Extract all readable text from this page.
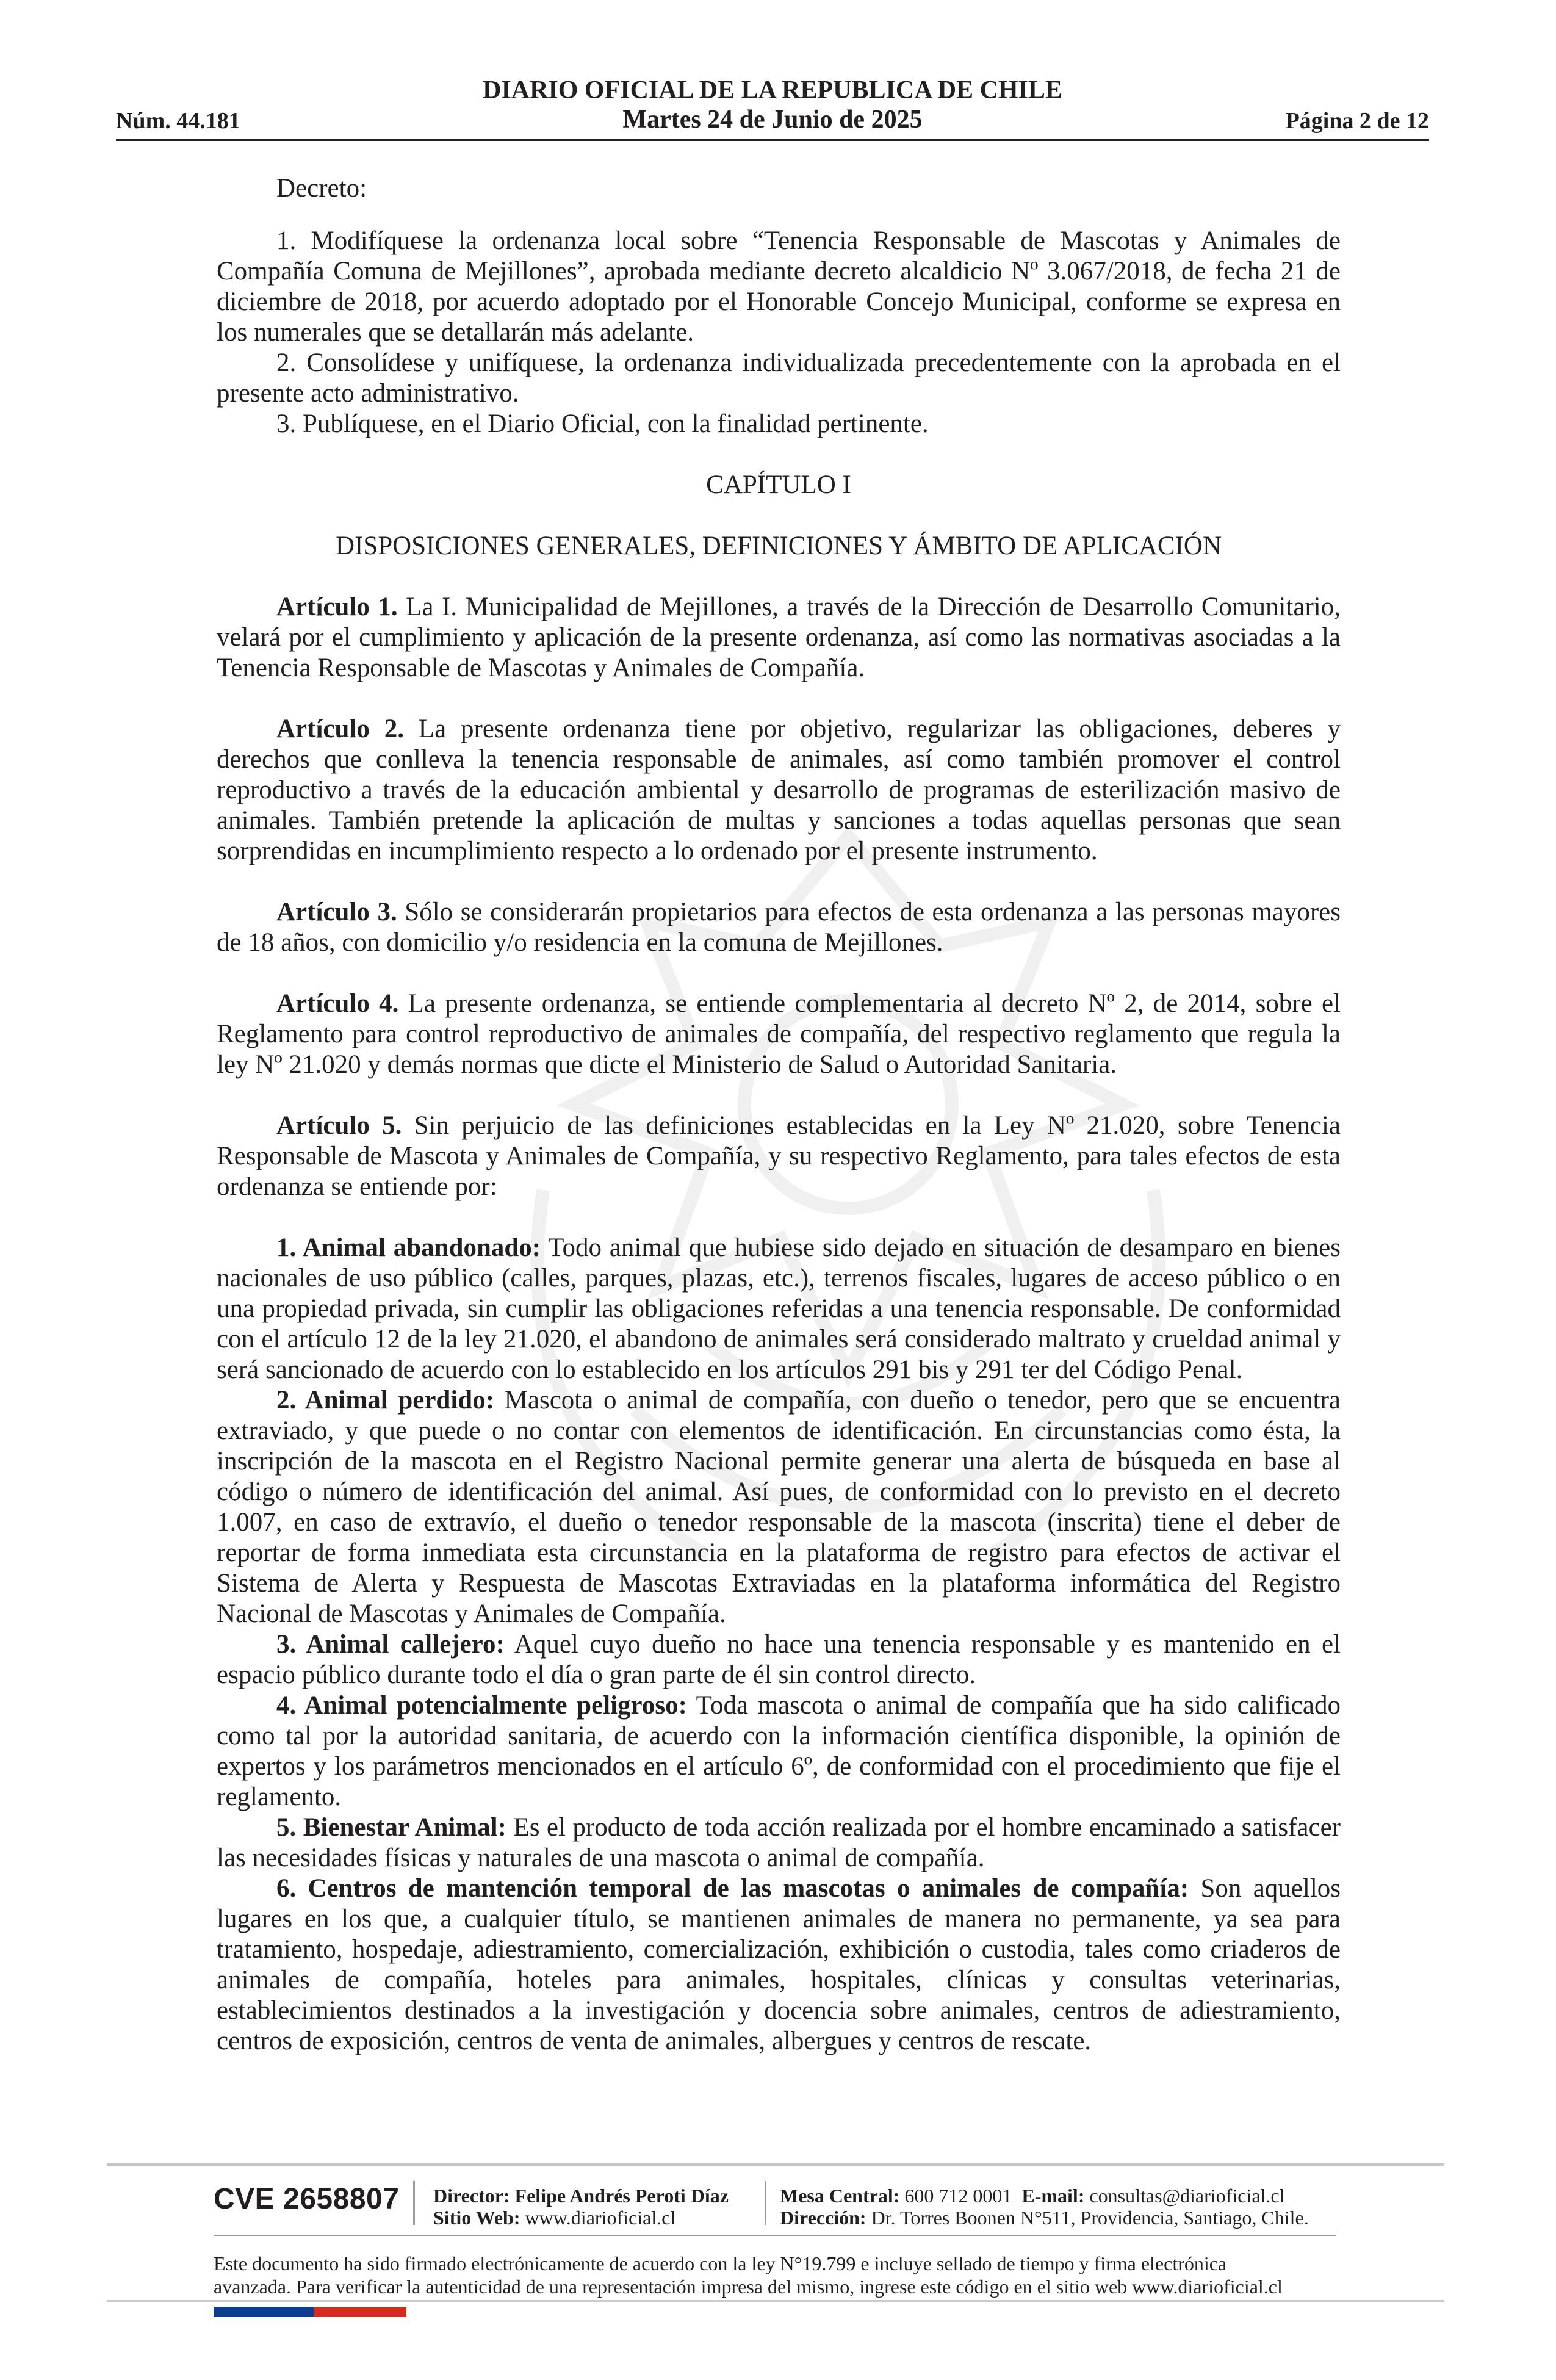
Núm. 44.181
DIARIO OFICIAL DE LA REPUBLICA DE CHILE
Martes 24 de Junio de 2025	Página 2 de 12

Decreto:

1. Modifíquese la ordenanza local sobre “Tenencia Responsable de Mascotas y Animales de Compañía Comuna de Mejillones”, aprobada mediante decreto alcaldicio Nº 3.067/2018, de fecha 21 de diciembre de 2018, por acuerdo adoptado por el Honorable Concejo Municipal, conforme se expresa en los numerales que se detallarán más adelante.

2. Consolídese y unifíquese, la ordenanza individualizada precedentemente con la aprobada en el presente acto administrativo.

3. Publíquese, en el Diario Oficial, con la finalidad pertinente.

CAPÍTULO I

DISPOSICIONES GENERALES, DEFINICIONES Y ÁMBITO DE APLICACIÓN

Artículo 1. La I. Municipalidad de Mejillones, a través de la Dirección de Desarrollo Comunitario, velará por el cumplimiento y aplicación de la presente ordenanza, así como las normativas asociadas a la Tenencia Responsable de Mascotas y Animales de Compañía.

Artículo 2. La presente ordenanza tiene por objetivo, regularizar las obligaciones, deberes y derechos que conlleva la tenencia responsable de animales, así como también promover el control reproductivo a través de la educación ambiental y desarrollo de programas de esterilización masivo de animales. También pretende la aplicación de multas y sanciones a todas aquellas personas que sean sorprendidas en incumplimiento respecto a lo ordenado por el presente instrumento.

Artículo 3. Sólo se considerarán propietarios para efectos de esta ordenanza a las personas mayores de 18 años, con domicilio y/o residencia en la comuna de Mejillones.

Artículo 4. La presente ordenanza, se entiende complementaria al decreto Nº 2, de 2014, sobre el Reglamento para control reproductivo de animales de compañía, del respectivo reglamento que regula la ley Nº 21.020 y demás normas que dicte el Ministerio de Salud o Autoridad Sanitaria.

Artículo 5. Sin perjuicio de las definiciones establecidas en la Ley Nº 21.020, sobre Tenencia Responsable de Mascota y Animales de Compañía, y su respectivo Reglamento, para tales efectos de esta ordenanza se entiende por:

1. Animal abandonado: Todo animal que hubiese sido dejado en situación de desamparo en bienes nacionales de uso público (calles, parques, plazas, etc.), terrenos fiscales, lugares de acceso público o en una propiedad privada, sin cumplir las obligaciones referidas a una tenencia responsable. De conformidad con el artículo 12 de la ley 21.020, el abandono de animales será considerado maltrato y crueldad animal y será sancionado de acuerdo con lo establecido en los artículos 291 bis y 291 ter del Código Penal.

2. Animal perdido: Mascota o animal de compañía, con dueño o tenedor, pero que se encuentra extraviado, y que puede o no contar con elementos de identificación. En circunstancias como ésta, la inscripción de la mascota en el Registro Nacional permite generar una alerta de búsqueda en base al código o número de identificación del animal. Así pues, de conformidad con lo previsto en el decreto 1.007, en caso de extravío, el dueño o tenedor responsable de la mascota (inscrita) tiene el deber de reportar de forma inmediata esta circunstancia en la plataforma de registro para efectos de activar el Sistema de Alerta y Respuesta de Mascotas Extraviadas en la plataforma informática del Registro Nacional de Mascotas y Animales de Compañía.

3. Animal callejero: Aquel cuyo dueño no hace una tenencia responsable y es mantenido en el espacio público durante todo el día o gran parte de él sin control directo.

4. Animal potencialmente peligroso: Toda mascota o animal de compañía que ha sido calificado como tal por la autoridad sanitaria, de acuerdo con la información científica disponible, la opinión de expertos y los parámetros mencionados en el artículo 6º, de conformidad con el procedimiento que fije el reglamento.

5. Bienestar Animal: Es el producto de toda acción realizada por el hombre encaminado a satisfacer las necesidades físicas y naturales de una mascota o animal de compañía.

6. Centros de mantención temporal de las mascotas o animales de compañía: Son aquellos lugares en los que, a cualquier título, se mantienen animales de manera no permanente, ya sea para tratamiento, hospedaje, adiestramiento, comercialización, exhibición o custodia, tales como criaderos de animales de compañía, hoteles para animales, hospitales, clínicas y consultas veterinarias, establecimientos destinados a la investigación y docencia sobre animales, centros de adiestramiento, centros de exposición, centros de venta de animales, albergues y centros de rescate.

CVE 2658807 Director: Felipe Andrés Peroti Díaz
Sitio Web: www.diarioficial.cl
Mesa Central: 600 712 0001 E-mail: consultas@diarioficial.cl
Dirección: Dr. Torres Boonen N°511, Providencia, Santiago, Chile.
Este documento ha sido firmado electrónicamente de acuerdo con la ley N°19.799 e incluye sellado de tiempo y firma electrónica
avanzada. Para verificar la autenticidad de una representación impresa del mismo, ingrese este código en el sitio web www.diarioficial.cl
